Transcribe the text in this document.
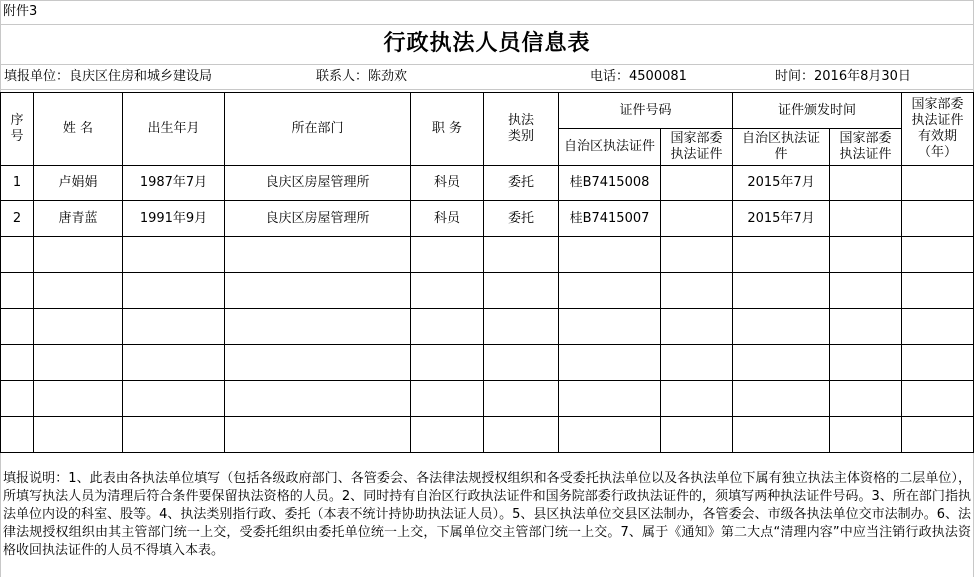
附件3
行政执法人员信息表
填报单位：良庆区住房和城乡建设局	联系人：陈劲欢	电话：4500081	时间：2016年8月30日
序号	姓 名	出生年月	所在部门	职 务	执法类别	证件号码		证件颁发时间		国家部委执法证件有效期（年）
						自治区执法证件	国家部委执法证件	自治区执法证件	国家部委执法证件	
1	卢娟娟	1987年7月	良庆区房屋管理所	科员	委托	桂B7415008		2015年7月		
2	唐青蓝	1991年9月	良庆区房屋管理所	科员	委托	桂B7415007		2015年7月		

填报说明：1、此表由各执法单位填写（包括各级政府部门、各管委会、各法律法规授权组织和各受委托执法单位以及各执法单位下属有独立执法主体资格的二层单位），所填写执法人员为清理后符合条件要保留执法资格的人员。2、同时持有自治区行政执法证件和国务院部委行政执法证件的，须填写两种执法证件号码。3、所在部门指执法单位内设的科室、股等。4、执法类别指行政、委托（本表不统计持协助执法证人员）。5、县区执法单位交县区法制办，各管委会、市级各执法单位交市法制办。6、法律法规授权组织由其主管部门统一上交，受委托组织由委托单位统一上交，下属单位交主管部门统一上交。7、属于《通知》第二大点“清理内容”中应当注销行政执法资格收回执法证件的人员不得填入本表。
